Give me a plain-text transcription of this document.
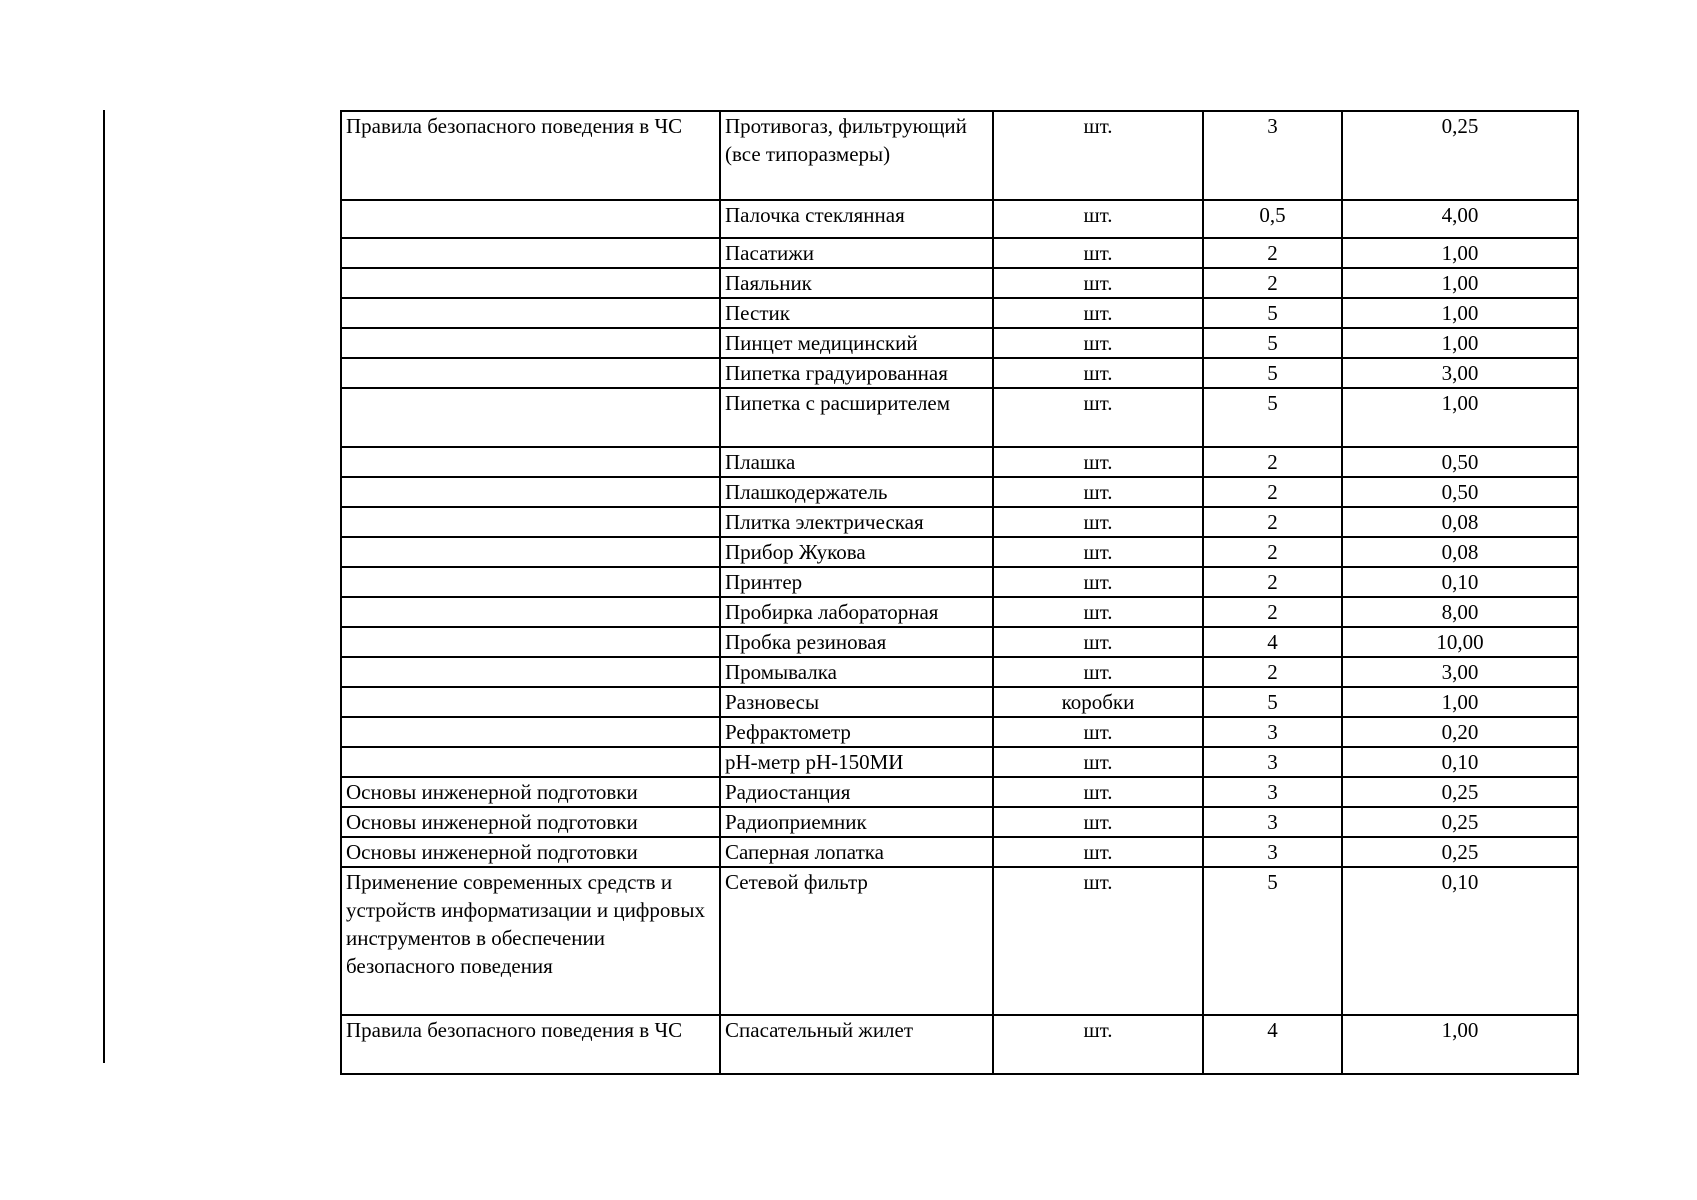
Правила безопасного поведения в ЧС	Противогаз, фильтрующий (все типоразмеры)	шт.	3	0,25
	Палочка стеклянная	шт.	0,5	4,00
	Пасатижи	шт.	2	1,00
	Паяльник	шт.	2	1,00
	Пестик	шт.	5	1,00
	Пинцет медицинский	шт.	5	1,00
	Пипетка градуированная	шт.	5	3,00
	Пипетка с расширителем	шт.	5	1,00
	Плашка	шт.	2	0,50
	Плашкодержатель	шт.	2	0,50
	Плитка электрическая	шт.	2	0,08
	Прибор Жукова	шт.	2	0,08
	Принтер	шт.	2	0,10
	Пробирка лабораторная	шт.	2	8,00
	Пробка резиновая	шт.	4	10,00
	Промывалка	шт.	2	3,00
	Разновесы	коробки	5	1,00
	Рефрактометр	шт.	3	0,20
	рН-метр рН-150МИ	шт.	3	0,10
Основы инженерной подготовки	Радиостанция	шт.	3	0,25
Основы инженерной подготовки	Радиоприемник	шт.	3	0,25
Основы инженерной подготовки	Саперная лопатка	шт.	3	0,25
Применение современных средств и устройств информатизации и цифровых инструментов в обеспечении безопасного поведения	Сетевой фильтр	шт.	5	0,10
Правила безопасного поведения в ЧС	Спасательный жилет	шт.	4	1,00
